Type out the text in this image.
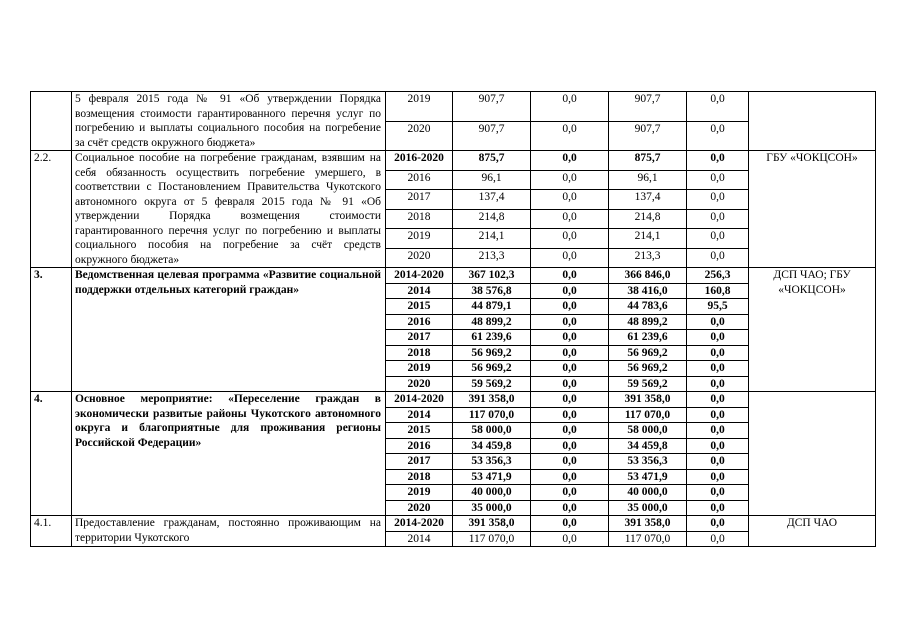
	5 февраля 2015 года № 91 «Об утверждении Порядка возмещения стоимости гарантированного перечня услуг по погребению и выплаты социального пособия на погребение за счёт средств окружного бюджета»	2019	907,7	0,0	907,7	0,0	
		2020	907,7	0,0	907,7	0,0	
2.2.	Социальное пособие на погребение гражданам, взявшим на себя обязанность осуществить погребение умершего, в соответствии с Постановлением Правительства Чукотского автономного округа от 5 февраля 2015 года № 91 «Об утверждении Порядка возмещения стоимости гарантированного перечня услуг по погребению и выплаты социального пособия на погребение за счёт средств окружного бюджета»	2016-2020	875,7	0,0	875,7	0,0	ГБУ «ЧОКЦСОН»
		2016	96,1	0,0	96,1	0,0	
		2017	137,4	0,0	137,4	0,0	
		2018	214,8	0,0	214,8	0,0	
		2019	214,1	0,0	214,1	0,0	
		2020	213,3	0,0	213,3	0,0	
3.	Ведомственная целевая программа «Развитие социальной поддержки отдельных категорий граждан»	2014-2020	367 102,3	0,0	366 846,0	256,3	ДСП ЧАО; ГБУ «ЧОКЦСОН»
		2014	38 576,8	0,0	38 416,0	160,8	
		2015	44 879,1	0,0	44 783,6	95,5	
		2016	48 899,2	0,0	48 899,2	0,0	
		2017	61 239,6	0,0	61 239,6	0,0	
		2018	56 969,2	0,0	56 969,2	0,0	
		2019	56 969,2	0,0	56 969,2	0,0	
		2020	59 569,2	0,0	59 569,2	0,0	
4.	Основное мероприятие: «Переселение граждан в экономически развитые районы Чукотского автономного округа и благоприятные для проживания регионы Российской Федерации»	2014-2020	391 358,0	0,0	391 358,0	0,0	
		2014	117 070,0	0,0	117 070,0	0,0	
		2015	58 000,0	0,0	58 000,0	0,0	
		2016	34 459,8	0,0	34 459,8	0,0	
		2017	53 356,3	0,0	53 356,3	0,0	
		2018	53 471,9	0,0	53 471,9	0,0	
		2019	40 000,0	0,0	40 000,0	0,0	
		2020	35 000,0	0,0	35 000,0	0,0	
4.1.	Предоставление гражданам, постоянно проживающим на территории Чукотского	2014-2020	391 358,0	0,0	391 358,0	0,0	ДСП ЧАО
		2014	117 070,0	0,0	117 070,0	0,0	
